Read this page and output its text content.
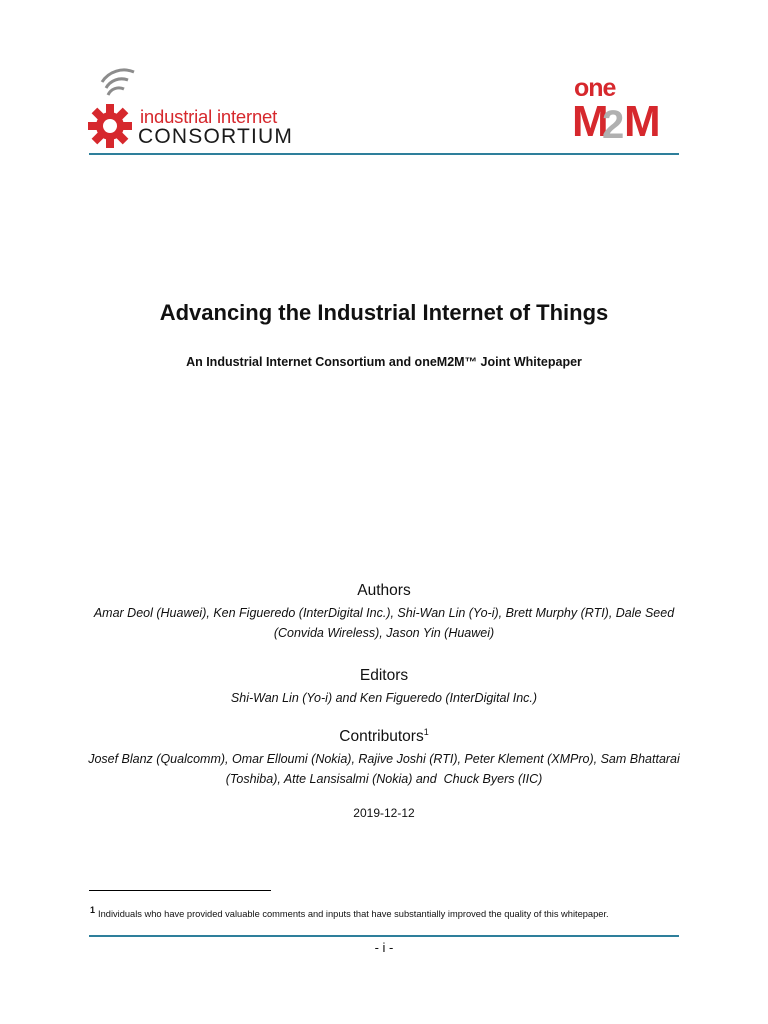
industrial internet
CONSORTIUM
one
M
2 M
Advancing the Industrial Internet of Things
An Industrial Internet Consortium and oneM2M™ Joint Whitepaper
Authors
Amar Deol (Huawei), Ken Figueredo (InterDigital Inc.), Shi-Wan Lin (Yo-i), Brett Murphy (RTI), Dale Seed
(Convida Wireless), Jason Yin (Huawei)
Editors
Shi-Wan Lin (Yo-i) and Ken Figueredo (InterDigital Inc.)
Contributors$^1$
Josef Blanz (Qualcomm), Omar Elloumi (Nokia), Rajive Joshi (RTI), Peter Klement (XMPro), Sam Bhattarai
(Toshiba), Atte Lansisalmi (Nokia) and  Chuck Byers (IIC)
2019-12-12
1 Individuals who have provided valuable comments and inputs that have substantially improved the quality of this whitepaper.
- i -
